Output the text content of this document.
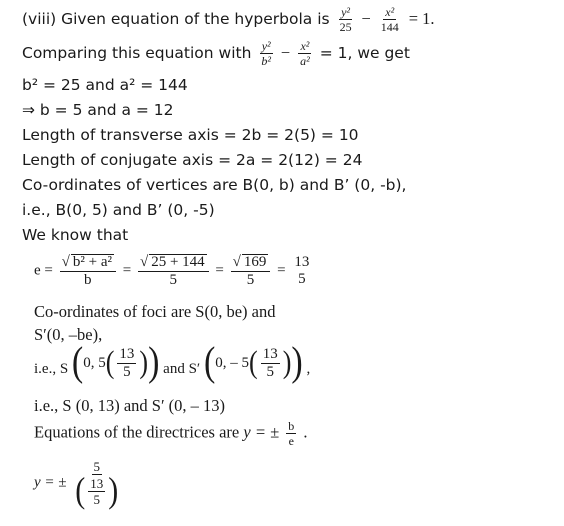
(viii) Given equation of the hyperbola is $\frac{\text{y²}}{25} - \frac{\text{x²}}{144} = 1$.
Comparing this equation with $\frac{\text{y²}}{\text{b²}} - \frac{\text{x²}}{\text{a²}} = 1$, we get
b² = 25 and a² = 144
⇒ b = 5 and a = 12
Length of transverse axis = 2b = 2(5) = 10
Length of conjugate axis = 2a = 2(12) = 24
Co-ordinates of vertices are B(0, b) and B’ (0, -b),
i.e., B(0, 5) and B’ (0, -5)
We know that
$e = \frac{\text{√ b² + a²}}{b} = \frac{√ 25 + 144}{5} = \frac{√ 169}{5}$ =
13
5
Co-ordinates of foci are S(0, be) and
S′(0, –be),
i.e., S ( 0, 5 ( $\frac{13}{5}$ ) ) and S′ ( 0, – 5 ( $\frac{13}{5}$ ) ) ,
i.e., S (0, 13) and S′ (0, – 13)
Equations of the directrices are y = ± $\frac{b}{e}$ .
y = ± $\frac{5}{( \frac{13}{5} )}$
